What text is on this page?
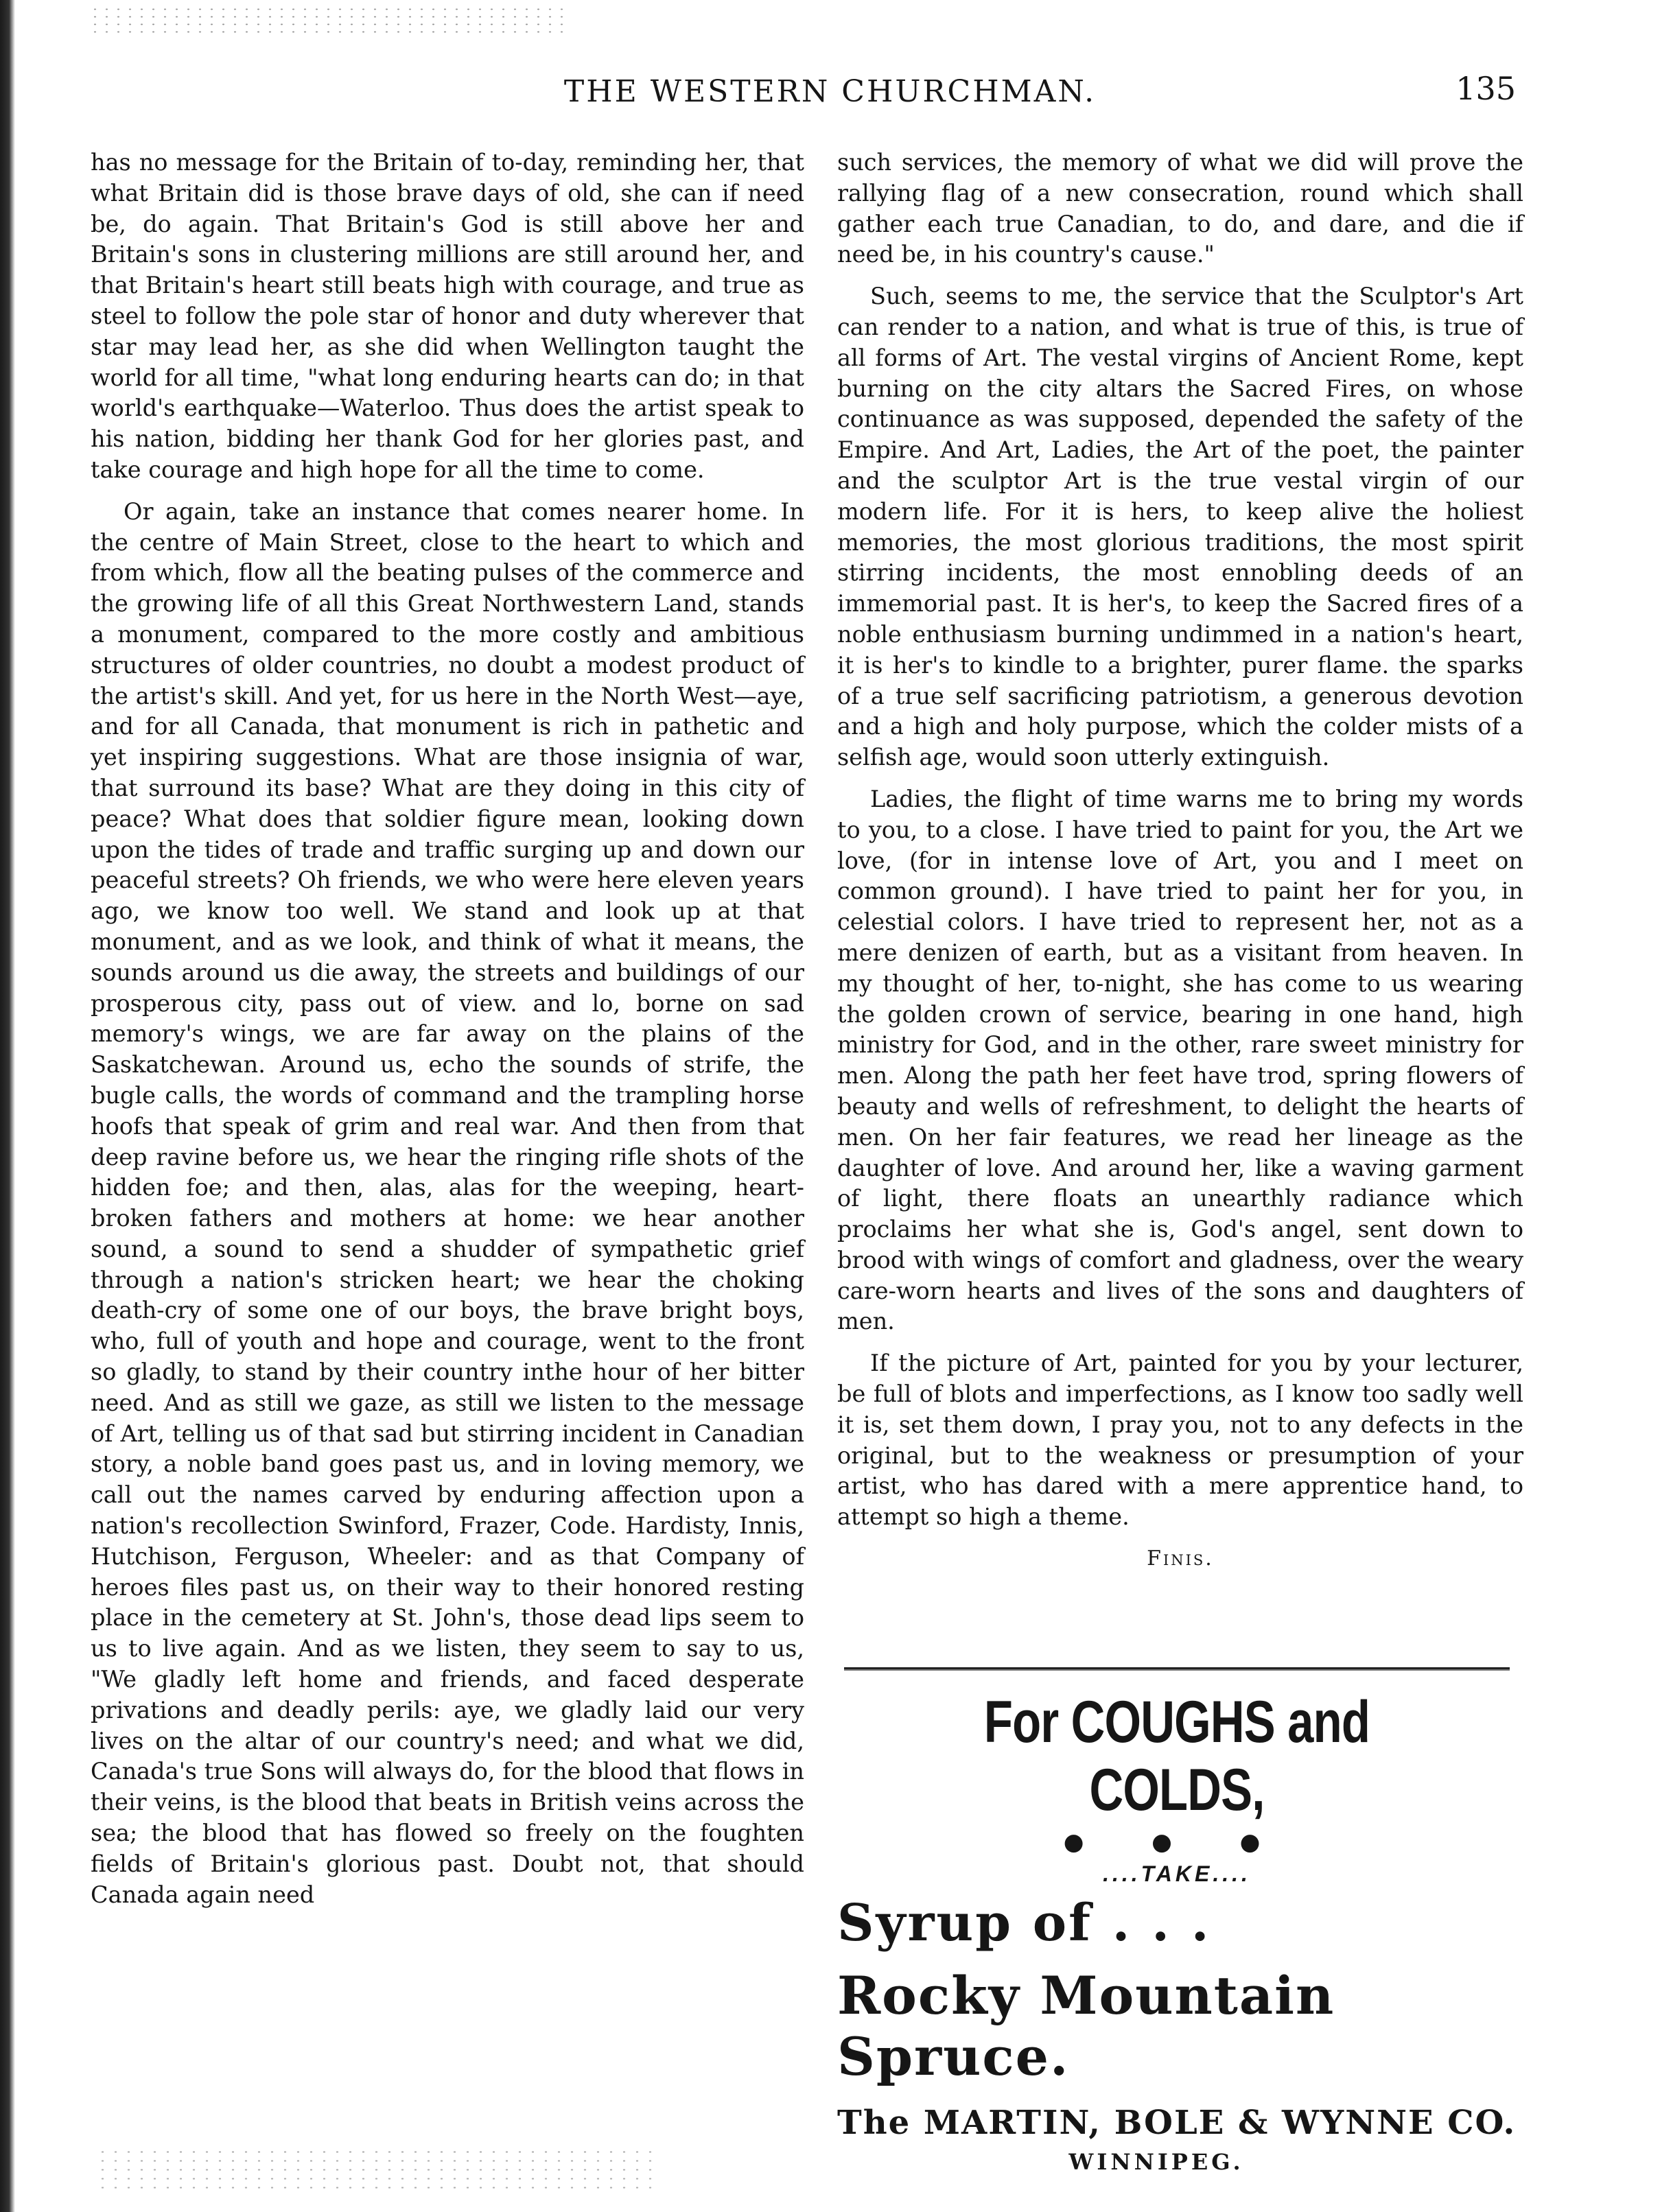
THE WESTERN CHURCHMAN.	135

has no message for the Britain of to-day, reminding her, that what Britain did is those brave days of old, she can if need be, do again. That Britain's God is still above her and Britain's sons in clustering millions are still around her, and that Britain's heart still beats high with courage, and true as steel to follow the pole star of honor and duty wherever that star may lead her, as she did when Wellington taught the world for all time, "what long enduring hearts can do; in that world's earthquake—Waterloo. Thus does the artist speak to his nation, bidding her thank God for her glories past, and take courage and high hope for all the time to come.

Or again, take an instance that comes nearer home. In the centre of Main Street, close to the heart to which and from which, flow all the beating pulses of the commerce and the growing life of all this Great Northwestern Land, stands a monument, compared to the more costly and ambitious structures of older countries, no doubt a modest product of the artist's skill. And yet, for us here in the North West—aye, and for all Canada, that monument is rich in pathetic and yet inspiring suggestions. What are those insignia of war, that surround its base? What are they doing in this city of peace? What does that soldier figure mean, looking down upon the tides of trade and traffic surging up and down our peaceful streets? Oh friends, we who were here eleven years ago, we know too well. We stand and look up at that monument, and as we look, and think of what it means, the sounds around us die away, the streets and buildings of our prosperous city, pass out of view. and lo, borne on sad memory's wings, we are far away on the plains of the Saskatchewan. Around us, echo the sounds of strife, the bugle calls, the words of command and the trampling horse hoofs that speak of grim and real war. And then from that deep ravine before us, we hear the ringing rifle shots of the hidden foe; and then, alas, alas for the weeping, heart-broken fathers and mothers at home: we hear another sound, a sound to send a shudder of sympathetic grief through a nation's stricken heart; we hear the choking death-cry of some one of our boys, the brave bright boys, who, full of youth and hope and courage, went to the front so gladly, to stand by their country inthe hour of her bitter need. And as still we gaze, as still we listen to the message of Art, telling us of that sad but stirring incident in Canadian story, a noble band goes past us, and in loving memory, we call out the names carved by enduring affection upon a nation's recollection Swinford, Frazer, Code. Hardisty, Innis, Hutchison, Ferguson, Wheeler: and as that Company of heroes files past us, on their way to their honored resting place in the cemetery at St. John's, those dead lips seem to us to live again. And as we listen, they seem to say to us, "We gladly left home and friends, and faced desperate privations and deadly perils: aye, we gladly laid our very lives on the altar of our country's need; and what we did, Canada's true Sons will always do, for the blood that flows in their veins, is the blood that beats in British veins across the sea; the blood that has flowed so freely on the foughten fields of Britain's glorious past. Doubt not, that should Canada again need

such services, the memory of what we did will prove the rallying flag of a new consecration, round which shall gather each true Canadian, to do, and dare, and die if need be, in his country's cause."

Such, seems to me, the service that the Sculptor's Art can render to a nation, and what is true of this, is true of all forms of Art. The vestal virgins of Ancient Rome, kept burning on the city altars the Sacred Fires, on whose continuance as was supposed, depended the safety of the Empire. And Art, Ladies, the Art of the poet, the painter and the sculptor Art is the true vestal virgin of our modern life. For it is hers, to keep alive the holiest memories, the most glorious traditions, the most spirit stirring incidents, the most ennobling deeds of an immemorial past. It is her's, to keep the Sacred fires of a noble enthusiasm burning undimmed in a nation's heart, it is her's to kindle to a brighter, purer flame. the sparks of a true self sacrificing patriotism, a generous devotion and a high and holy purpose, which the colder mists of a selfish age, would soon utterly extinguish.

Ladies, the flight of time warns me to bring my words to you, to a close. I have tried to paint for you, the Art we love, (for in intense love of Art, you and I meet on common ground). I have tried to paint her for you, in celestial colors. I have tried to represent her, not as a mere denizen of earth, but as a visitant from heaven. In my thought of her, to-night, she has come to us wearing the golden crown of service, bearing in one hand, high ministry for God, and in the other, rare sweet ministry for men. Along the path her feet have trod, spring flowers of beauty and wells of refreshment, to delight the hearts of men. On her fair features, we read her lineage as the daughter of love. And around her, like a waving garment of light, there floats an unearthly radiance which proclaims her what she is, God's angel, sent down to brood with wings of comfort and gladness, over the weary care-worn hearts and lives of the sons and daughters of men.

If the picture of Art, painted for you by your lecturer, be full of blots and imperfections, as I know too sadly well it is, set them down, I pray you, not to any defects in the original, but to the weakness or presumption of your artist, who has dared with a mere apprentice hand, to attempt so high a theme.

Finis.
For COUGHS and COLDS,
● ● ●
....TAKE....
Syrup of . . .
Rocky Mountain Spruce.
The MARTIN, BOLE & WYNNE CO.
WINNIPEG.
